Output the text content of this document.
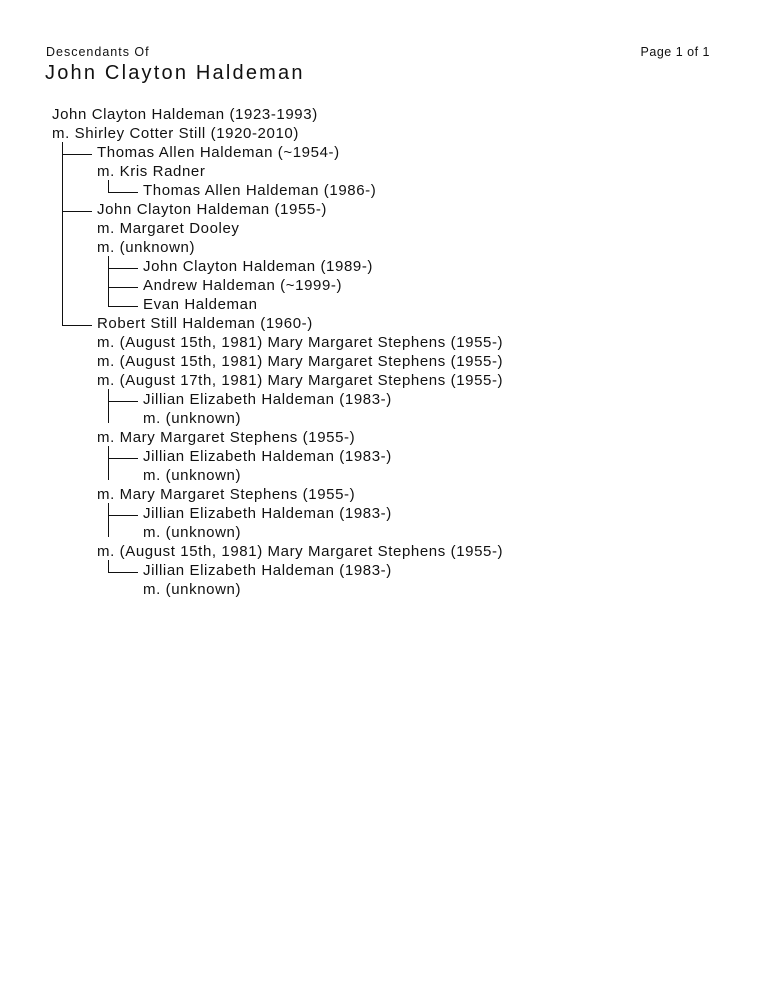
Descendants Of	Page 1 of 1
John Clayton Haldeman
John Clayton Haldeman (1923-1993)
m. Shirley Cotter Still (1920-2010)
Thomas Allen Haldeman (~1954-)
m. Kris Radner
Thomas Allen Haldeman (1986-)
John Clayton Haldeman (1955-)
m. Margaret Dooley
m. (unknown)
John Clayton Haldeman (1989-)
Andrew Haldeman (~1999-)
Evan Haldeman
Robert Still Haldeman (1960-)
m. (August 15th, 1981) Mary Margaret Stephens (1955-)
m. (August 15th, 1981) Mary Margaret Stephens (1955-)
m. (August 17th, 1981) Mary Margaret Stephens (1955-)
Jillian Elizabeth Haldeman (1983-)
m. (unknown)
m. Mary Margaret Stephens (1955-)
Jillian Elizabeth Haldeman (1983-)
m. (unknown)
m. Mary Margaret Stephens (1955-)
Jillian Elizabeth Haldeman (1983-)
m. (unknown)
m. (August 15th, 1981) Mary Margaret Stephens (1955-)
Jillian Elizabeth Haldeman (1983-)
m. (unknown)
